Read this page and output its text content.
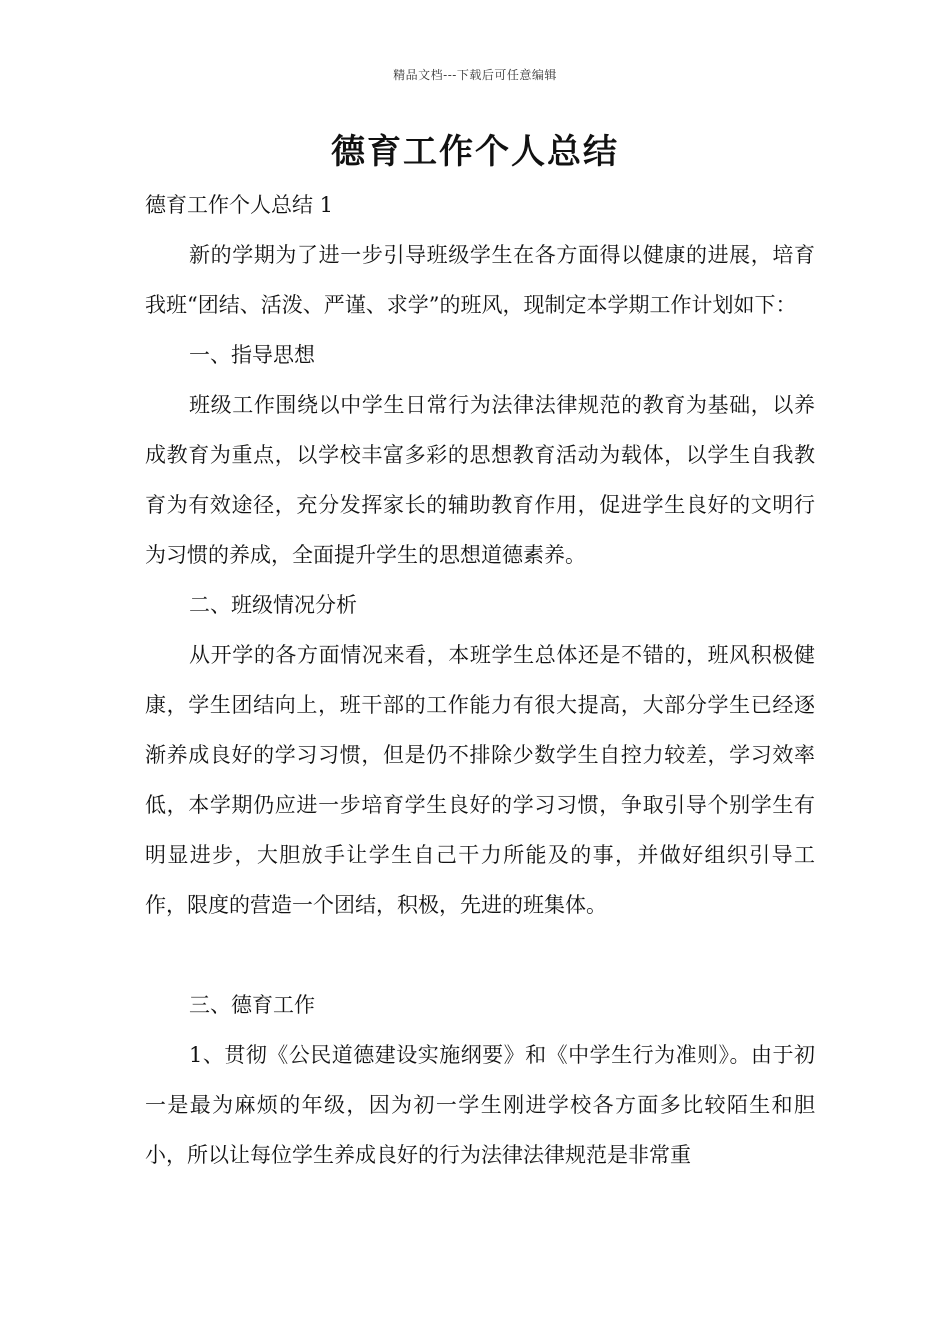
精品文档---下载后可任意编辑
德育工作个人总结

德育工作个人总结 1

新的学期为了进一步引导班级学生在各方面得以健康的进展，培育我班“团结、活泼、严谨、求学”的班风，现制定本学期工作计划如下：

一、指导思想

班级工作围绕以中学生日常行为法律法律规范的教育为基础，以养成教育为重点，以学校丰富多彩的思想教育活动为载体，以学生自我教育为有效途径，充分发挥家长的辅助教育作用，促进学生良好的文明行为习惯的养成，全面提升学生的思想道德素养。

二、班级情况分析

从开学的各方面情况来看，本班学生总体还是不错的，班风积极健康，学生团结向上，班干部的工作能力有很大提高，大部分学生已经逐渐养成良好的学习习惯，但是仍不排除少数学生自控力较差，学习效率低，本学期仍应进一步培育学生良好的学习习惯，争取引导个别学生有明显进步，大胆放手让学生自己干力所能及的事，并做好组织引导工作，限度的营造一个团结，积极，先进的班集体。

三、德育工作

1、贯彻《公民道德建设实施纲要》和《中学生行为准则》。由于初一是最为麻烦的年级，因为初一学生刚进学校各方面多比较陌生和胆小，所以让每位学生养成良好的行为法律法律规范是非常重
